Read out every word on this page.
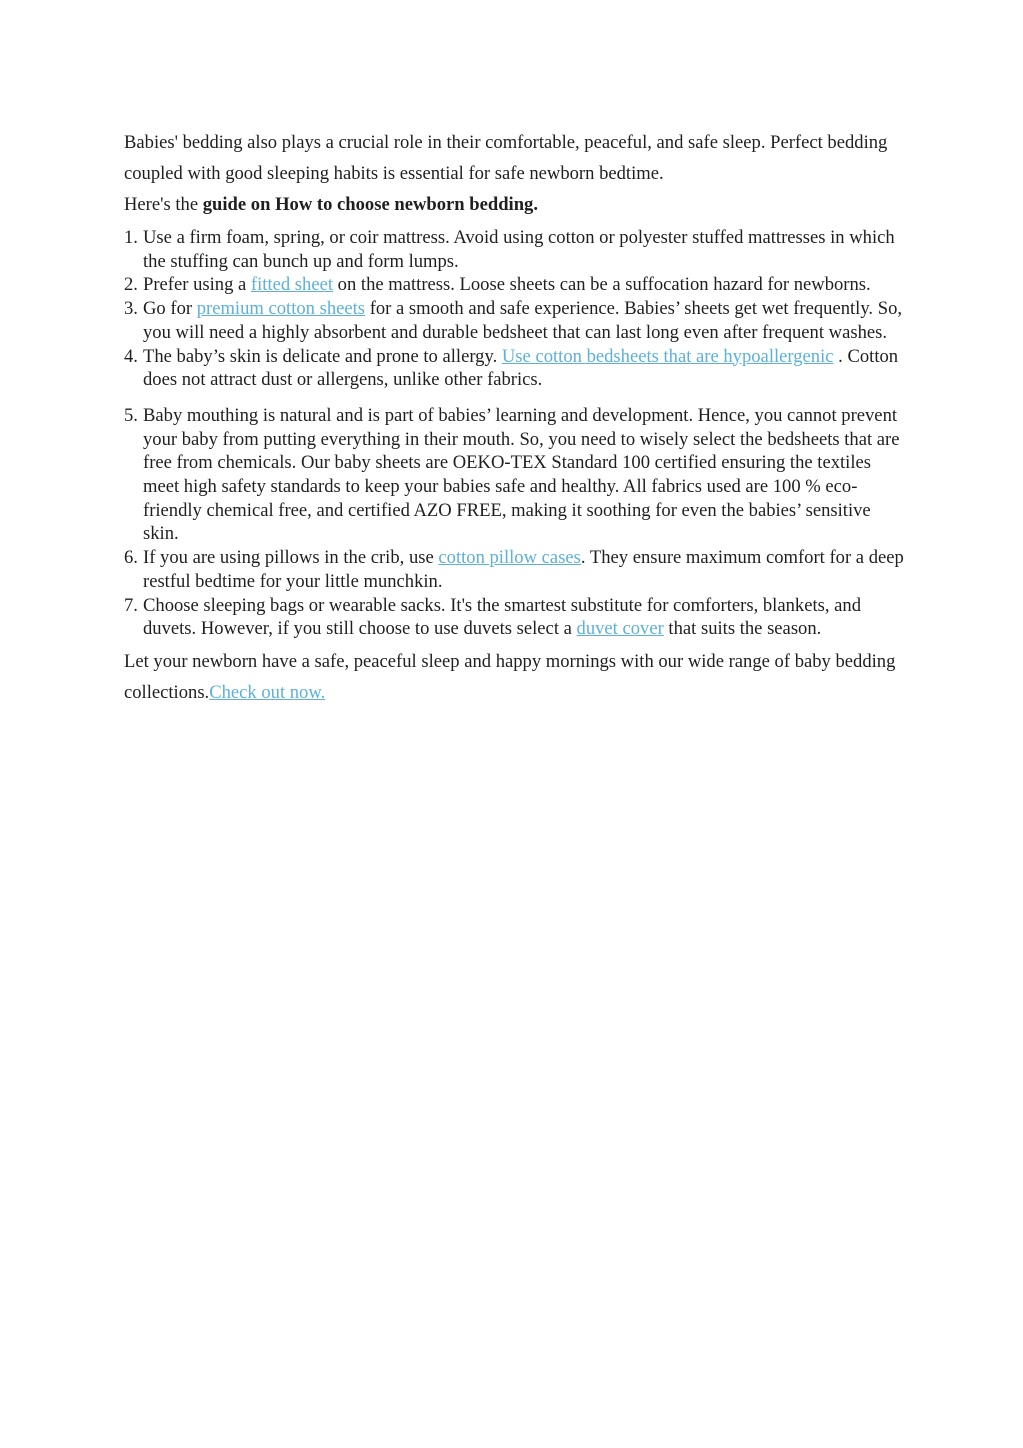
Babies' bedding also plays a crucial role in their comfortable, peaceful, and safe sleep. Perfect bedding coupled with good sleeping habits is essential for safe newborn bedtime.

Here's the guide on How to choose newborn bedding.

1. Use a firm foam, spring, or coir mattress. Avoid using cotton or polyester stuffed mattresses in which the stuffing can bunch up and form lumps.
2. Prefer using a fitted sheet on the mattress. Loose sheets can be a suffocation hazard for newborns.
3. Go for premium cotton sheets for a smooth and safe experience. Babies’ sheets get wet frequently. So, you will need a highly absorbent and durable bedsheet that can last long even after frequent washes.
4. The baby’s skin is delicate and prone to allergy. Use cotton bedsheets that are hypoallergenic . Cotton does not attract dust or allergens, unlike other fabrics.
5. Baby mouthing is natural and is part of babies’ learning and development. Hence, you cannot prevent your baby from putting everything in their mouth. So, you need to wisely select the bedsheets that are free from chemicals. Our baby sheets are OEKO-TEX Standard 100 certified ensuring the textiles meet high safety standards to keep your babies safe and healthy. All fabrics used are 100 % eco-friendly chemical free, and certified AZO FREE, making it soothing for even the babies’ sensitive skin.
6. If you are using pillows in the crib, use cotton pillow cases. They ensure maximum comfort for a deep restful bedtime for your little munchkin.
7. Choose sleeping bags or wearable sacks. It's the smartest substitute for comforters, blankets, and duvets. However, if you still choose to use duvets select a duvet cover that suits the season.

Let your newborn have a safe, peaceful sleep and happy mornings with our wide range of baby bedding collections.Check out now.
